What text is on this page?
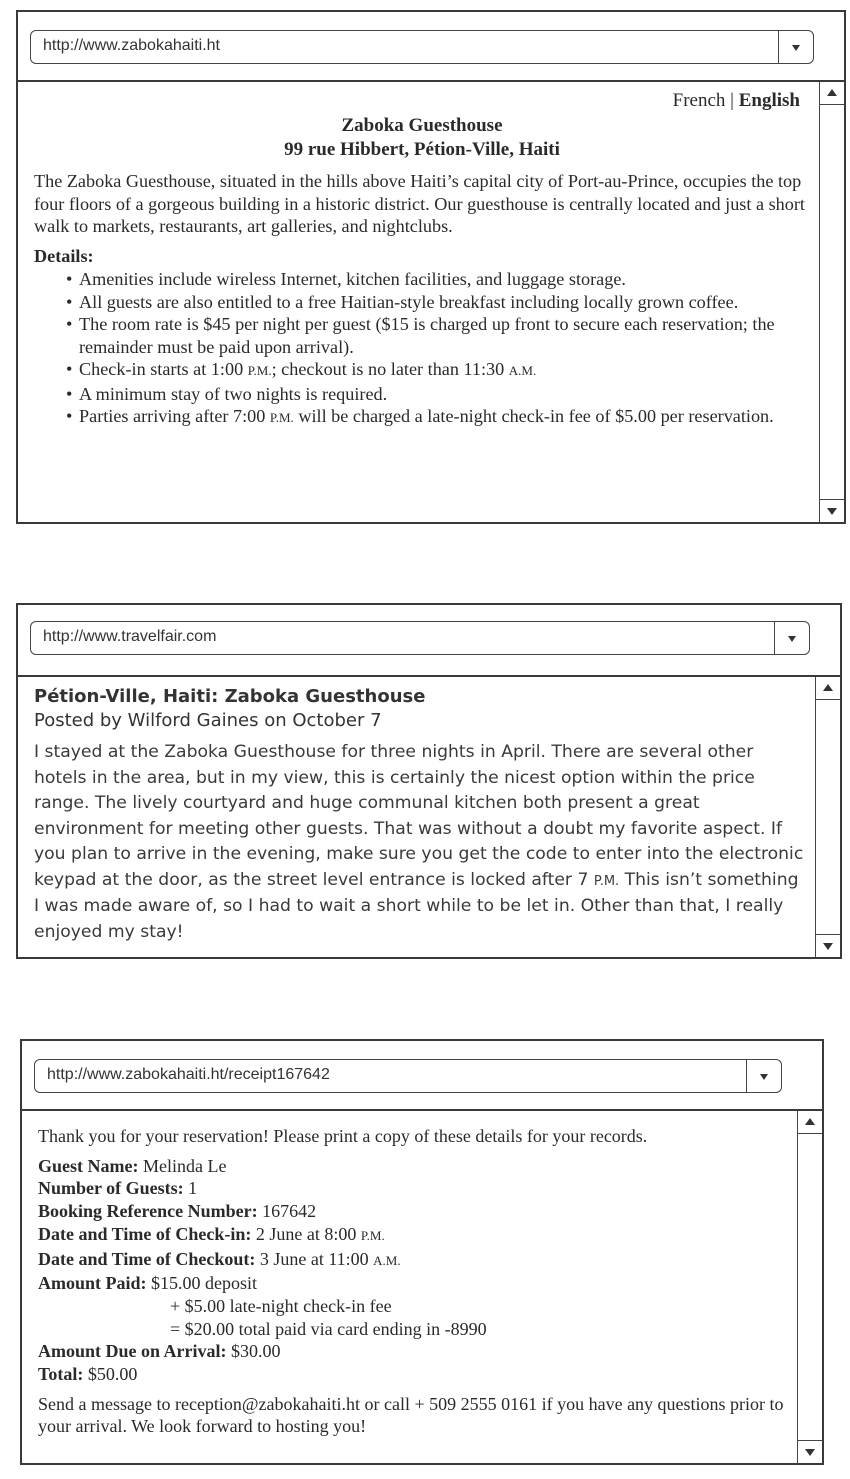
http://www.zabokahaiti.ht
French | English
Zaboka Guesthouse
99 rue Hibbert, Pétion-Ville, Haiti

The Zaboka Guesthouse, situated in the hills above Haiti’s capital city of Port-au-Prince, occupies the top four floors of a gorgeous building in a historic district. Our guesthouse is centrally located and just a short walk to markets, restaurants, art galleries, and nightclubs.

Details:

• Amenities include wireless Internet, kitchen facilities, and luggage storage.
• All guests are also entitled to a free Haitian-style breakfast including locally grown coffee.
• The room rate is $45 per night per guest ($15 is charged up front to secure each reservation; the remainder must be paid upon arrival).
• Check-in starts at 1:00 P.M.; checkout is no later than 11:30 A.M.
• A minimum stay of two nights is required.
• Parties arriving after 7:00 P.M. will be charged a late-night check-in fee of $5.00 per reservation.
http://www.travelfair.com
Pétion-Ville, Haiti: Zaboka Guesthouse
Posted by Wilford Gaines on October 7

I stayed at the Zaboka Guesthouse for three nights in April. There are several other hotels in the area, but in my view, this is certainly the nicest option within the price range. The lively courtyard and huge communal kitchen both present a great environment for meeting other guests. That was without a doubt my favorite aspect. If you plan to arrive in the evening, make sure you get the code to enter into the electronic keypad at the door, as the street level entrance is locked after 7 P.M. This isn’t something I was made aware of, so I had to wait a short while to be let in. Other than that, I really enjoyed my stay!

http://www.zabokahaiti.ht/receipt167642

Thank you for your reservation! Please print a copy of these details for your records.

Guest Name: Melinda Le

Number of Guests: 1

Booking Reference Number: 167642

Date and Time of Check-in: 2 June at 8:00 P.M.

Date and Time of Checkout: 3 June at 11:00 A.M.

Amount Paid: $15.00 deposit

+ $5.00 late-night check-in fee

= $20.00 total paid via card ending in -8990

Amount Due on Arrival: $30.00

Total: $50.00

Send a message to reception@zabokahaiti.ht or call + 509 2555 0161 if you have any questions prior to your arrival. We look forward to hosting you!
